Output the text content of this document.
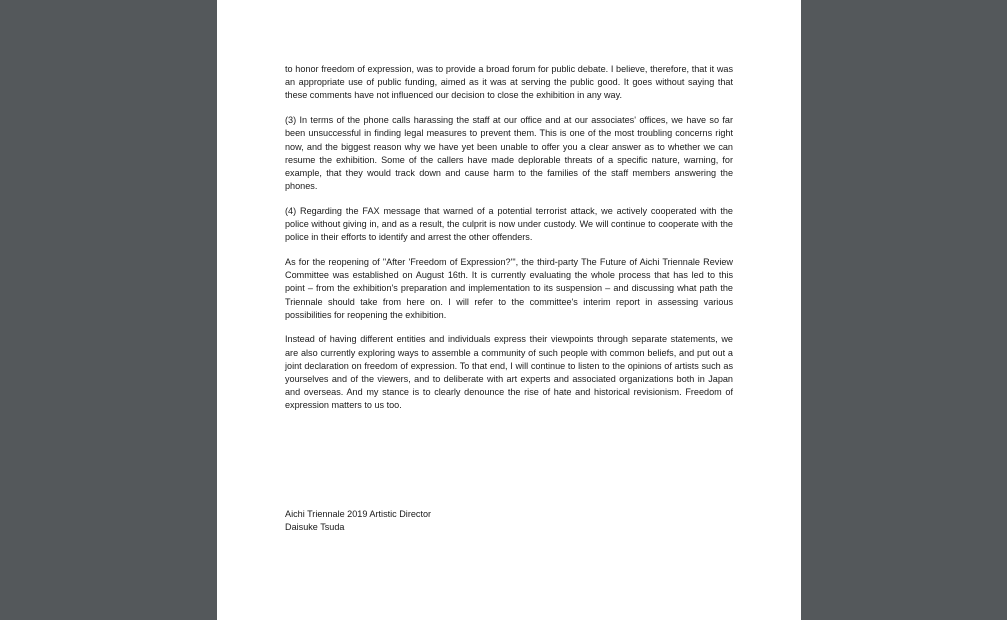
to honor freedom of expression, was to provide a broad forum for public debate. I believe, therefore, that it was an appropriate use of public funding, aimed as it was at serving the public good. It goes without saying that these comments have not influenced our decision to close the exhibition in any way.

(3) In terms of the phone calls harassing the staff at our office and at our associates' offices, we have so far been unsuccessful in finding legal measures to prevent them. This is one of the most troubling concerns right now, and the biggest reason why we have yet been unable to offer you a clear answer as to whether we can resume the exhibition. Some of the callers have made deplorable threats of a specific nature, warning, for example, that they would track down and cause harm to the families of the staff members answering the phones.

(4) Regarding the FAX message that warned of a potential terrorist attack, we actively cooperated with the police without giving in, and as a result, the culprit is now under custody. We will continue to cooperate with the police in their efforts to identify and arrest the other offenders.

As for the reopening of "After 'Freedom of Expression?'", the third-party The Future of Aichi Triennale Review Committee was established on August 16th. It is currently evaluating the whole process that has led to this point – from the exhibition's preparation and implementation to its suspension – and discussing what path the Triennale should take from here on. I will refer to the committee's interim report in assessing various possibilities for reopening the exhibition.

Instead of having different entities and individuals express their viewpoints through separate statements, we are also currently exploring ways to assemble a community of such people with common beliefs, and put out a joint declaration on freedom of expression. To that end, I will continue to listen to the opinions of artists such as yourselves and of the viewers, and to deliberate with art experts and associated organizations both in Japan and overseas. And my stance is to clearly denounce the rise of hate and historical revisionism. Freedom of expression matters to us too.

Aichi Triennale 2019 Artistic Director
Daisuke Tsuda
